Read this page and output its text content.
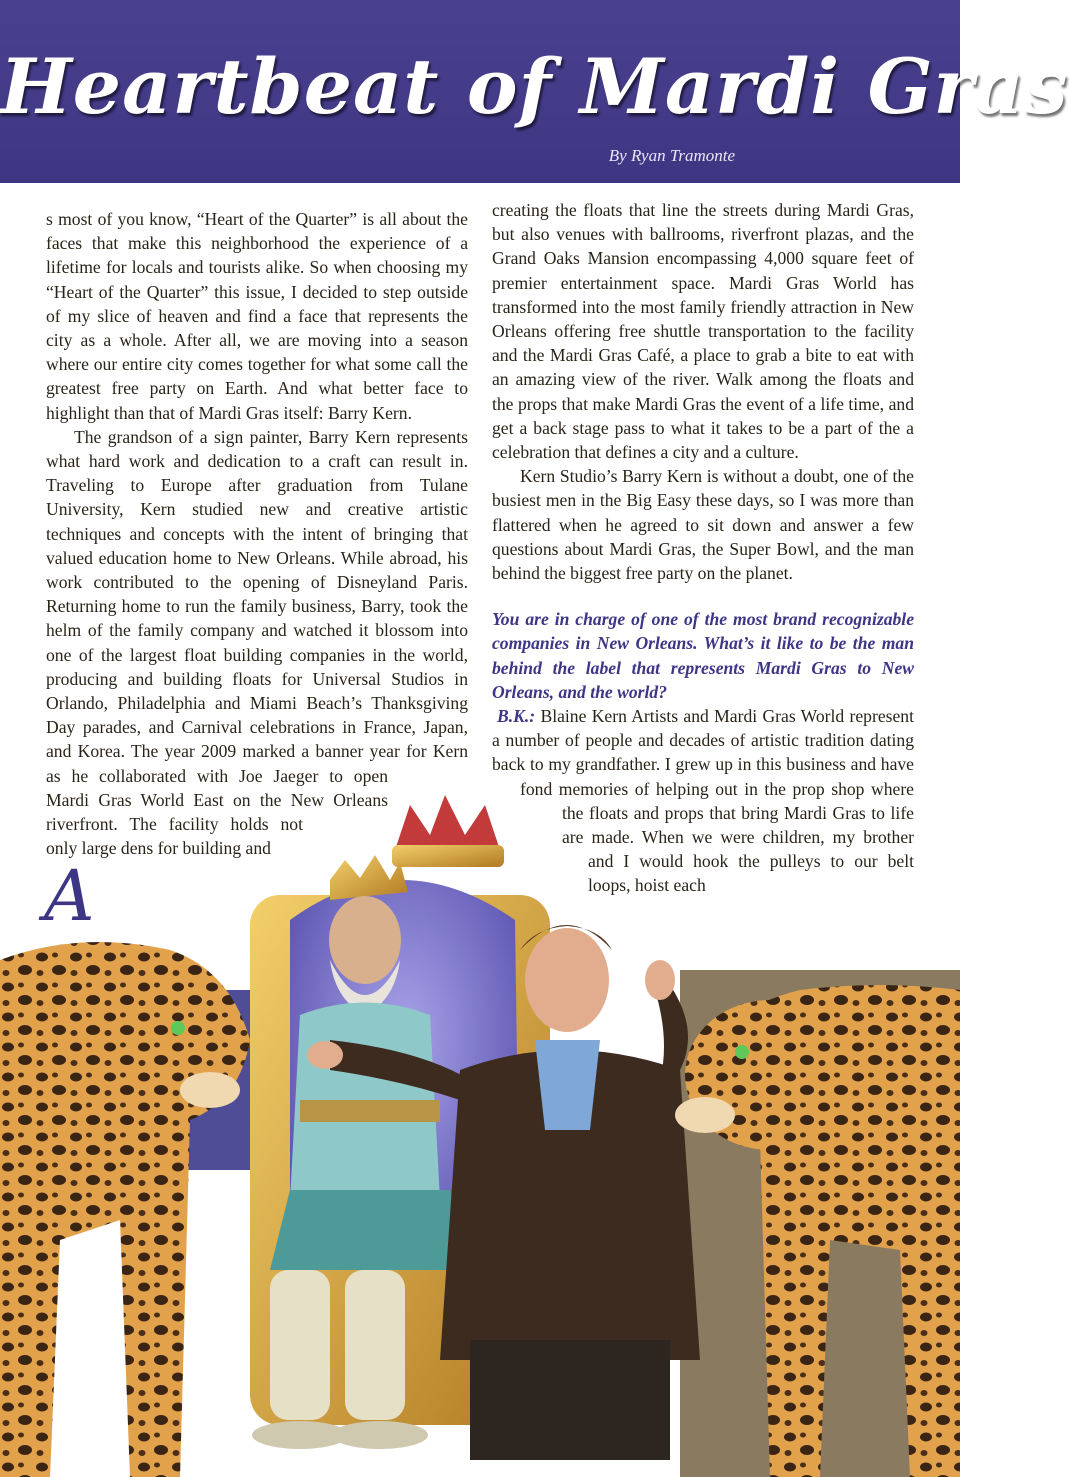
Heartbeat of Mardi Gras
By Ryan Tramonte

A
s most of you know, “Heart of the Quarter” is all about the faces that make this neighborhood the experience of a lifetime for locals and tourists alike. So when choosing my “Heart of the Quarter” this issue, I decided to step outside of my slice of heaven and find a face that represents the city as a whole. After all, we are moving into a season where our entire city comes together for what some call the greatest free party on Earth. And what better face to highlight than that of Mardi Gras itself: Barry Kern.

The grandson of a sign painter, Barry Kern represents what hard work and dedication to a craft can result in. Traveling to Europe after graduation from Tulane University, Kern studied new and creative artistic techniques and concepts with the intent of bringing that valued education home to New Orleans. While abroad, his work contributed to the opening of Disneyland Paris. Returning home to run the family business, Barry, took the helm of the family company and watched it blossom into one of the largest float building companies in the world, producing and building floats for Universal Studios in Orlando, Philadelphia and Miami Beach’s Thanksgiving Day parades, and Carnival celebrations in France, Japan, and Korea. The year 2009 marked a banner year for Kern as he collaborated with Joe Jaeger to open Mardi Gras World East on the New Orleans riverfront. The facility holds not only large dens for building and

creating the floats that line the streets during Mardi Gras, but also venues with ballrooms, riverfront plazas, and the Grand Oaks Mansion encompassing 4,000 square feet of premier entertainment space. Mardi Gras World has transformed into the most family friendly attraction in New Orleans offering free shuttle transportation to the facility and the Mardi Gras Café, a place to grab a bite to eat with an amazing view of the river. Walk among the floats and the props that make Mardi Gras the event of a life time, and get a back stage pass to what it takes to be a part of the a celebration that defines a city and a culture.

Kern Studio’s Barry Kern is without a doubt, one of the busiest men in the Big Easy these days, so I was more than flattered when he agreed to sit down and answer a few questions about Mardi Gras, the Super Bowl, and the man behind the biggest free party on the planet.

You are in charge of one of the most brand recognizable companies in New Orleans. What’s it like to be the man behind the label that represents Mardi Gras to New Orleans, and the world?

B.K.: Blaine Kern Artists and Mardi Gras World represent a number of people and decades of artistic tradition dating back to my grandfather. I grew up in this business and have fond memories of helping out in the prop shop where the floats and props that bring Mardi Gras to life are made. When we were children, my brother and I would hook the pulleys to our belt loops, hoist each
